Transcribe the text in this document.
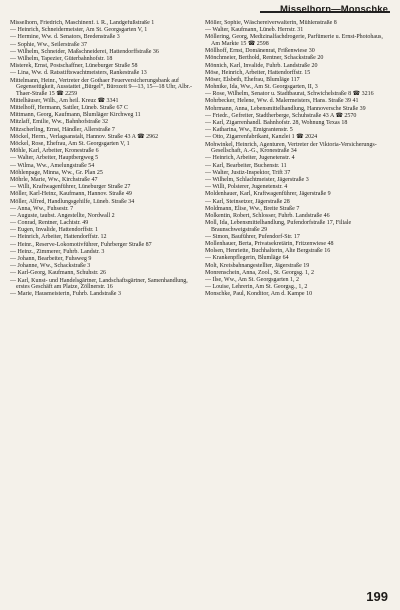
Misselhorn—Monschke

Misselhorn, Friedrich, Maschinenf. i. R., Landgefußstraße 1

— Heinrich, Schneidermeister, Am St. Georgsgarten V, 1

— Hermine, Ww. d. Senators, Bredenstraße 3

— Sophie, Ww., Seilerstraße 37

— Wilhelm, Schneider, Maßschneiderei, Hattendorffstraße 36

— Wilhelm, Tapezier, Güterbahnhofstr. 18

Misterek, Ernst, Postschaffner, Lüneburger Straße 58

— Lina, Ww. d. Ratsstiftswachtmeisters, Rankestraße 13

Mittelmann, Heinr., Vertreter der Gothaer Feuerversicherungsbank auf Gegenseitigkeit, Ausstattet „Bürgel“, Bürozeit 9—13, 15—18 Uhr, Albr.-Thaer-Straße 15 ☎ 2259

Mittelhäuser, Wilh., Am heil. Kreuz ☎ 3341

Mittelhoff, Hermann, Sattler, Lüneb. Straße 67 C

Mittmann, Georg, Kaufmann, Blumläger Kirchweg 11

Mitzlaff, Emilie, Ww., Bahnhofstraße 32

Mitzscherling, Ernst, Händler, Allerstraße 7

Möckel, Herm., Verlagsanstalt, Hannov. Straße 43 A ☎ 2962

Möckel, Rose, Ehefrau, Am St. Georgsgarten V, 1

Möhle, Karl, Arbeiter, Kronestraße 6

— Walter, Arbeiter, Hauptbergweg 5

— Wilma, Ww., Amelungstraße 54

Möhlenpage, Minna, Ww., Gr. Plan 25

Möhrle, Marie, Ww., Kirchstraße 47

— Willi, Kraftwagenführer, Lüneburger Straße 27

Möller, Karl-Heinz, Kaufmann, Hannov. Straße 49

Möller, Alfred, Handlungsgehilfe, Lüneb. Straße 34

— Anna, Ww., Fuhsestr. 7

— Auguste, taubst. Angestellte, Nordwall 2

— Conrad, Rentner, Lachtstr. 49

— Eugen, Invalide, Hattendorffstr. 1

— Heinrich, Arbeiter, Hattendorffstr. 12

— Heinr., Reserve-Lokomotivführer, Fuhrberger Straße 87

— Heinz., Zimmerer, Fuhrb. Landstr. 3

— Johann, Bearbeiter, Fuhsweg 9

— Johanne, Ww., Schackstraße 3

— Karl-Georg, Kaufmann, Schuhstr. 26

— Karl, Kunst- und Handelsgärtner, Landschaftsgärtner, Samenhandlung, erstes Geschäft am Platze, Zöllnerstr. 16

— Marie, Hausmeisterin, Fuhrb. Landstraße 3

Möller, Sophie, Wäschereiverwalterin, Mühlenstraße 8

— Walter, Kaufmann, Lüneb. Herrstr. 31

Möllering, Georg, Medizinalfachdrogerie, Parfümerie u. Ernst-Photohaus, Am Markte 15 ☎ 2598

Möllhoff, Ernst, Domänenrat, Frißenwiese 30

Mönchmeier, Berthold, Rentner, Schackstraße 20

Mönnich, Karl, Invalide, Fuhrb. Landstraße 20

Möse, Heinrich, Arbeiter, Hattendorffstr. 15

Möser, Elsbeth, Ehefrau, Blumläge 117

Mohnike, Ida, Ww., Am St. Georgsgarten, II, 3

— Rose, Wilhelm, Senator u. Stadtbaurat, Schwichelstraße 8 ☎ 3216

Mohrbecker, Helene, Ww. d. Malermeisters, Hans. Straße 39 41

Mohrmann, Anna, Lebensmittelhandlung, Hannoversche Straße 39

— Friedr., Gefreiter, Stadtherberge, Schuhstraße 43 A ☎ 2570

— Karl, Zigarrenhandl. Bahnhofstr. 28, Wohnung Texas 18

— Katharina, Ww., Emigrantenstr. 5

— Otto, Zigarrenfabrikant, Kanzlei 1 ☎ 2024

Mohwinkel, Heinrich, Agenturen, Vertreter der Viktoria-Versicherungs-Gesellschaft, A.-G., Kronestraße 34

— Heinrich, Arbeiter, Jugenetenstr. 4

— Karl, Bearbeiter, Buchenstr. 11

— Walter, Justiz-Inspektor, Trift 37

— Wilhelm, Schlachtmeister, Jägerstraße 3

— Willi, Polsterer, Jugenetenstr. 4

Moldenhauer, Karl, Kraftwagenführer, Jägerstraße 9

— Karl, Steinsetzer, Jägerstraße 28

Moldmann, Elise, Ww., Breite Straße 7

Molkentin, Robert, Schlosser, Fuhrb. Landstraße 46

Moll, Ida, Lebensmittelhandlung, Pufendorfstraße 17, Filiale Braunschweigstraße 29

— Simon, Bauführer, Pufendorf-Str. 17

Mollenhauer, Berta, Privatsekretärin, Fritzenwiese 48

Molsen, Henriette, Buchhalterin, Alte Bergstraße 16

— Krankenpflegerin, Blumläge 64

Molt, Kreisbahnangestellter, Jägerstraße 19

Monrenschein, Anna, Zool., St. Georgsg. 1, 2

— Ilse, Ww., Am St. Georgsgarten 1, 2

— Louise, Lehrerin, Am St. Georgsg., 1, 2

Monschke, Paul, Konditor, Am d. Kampe 10

199
